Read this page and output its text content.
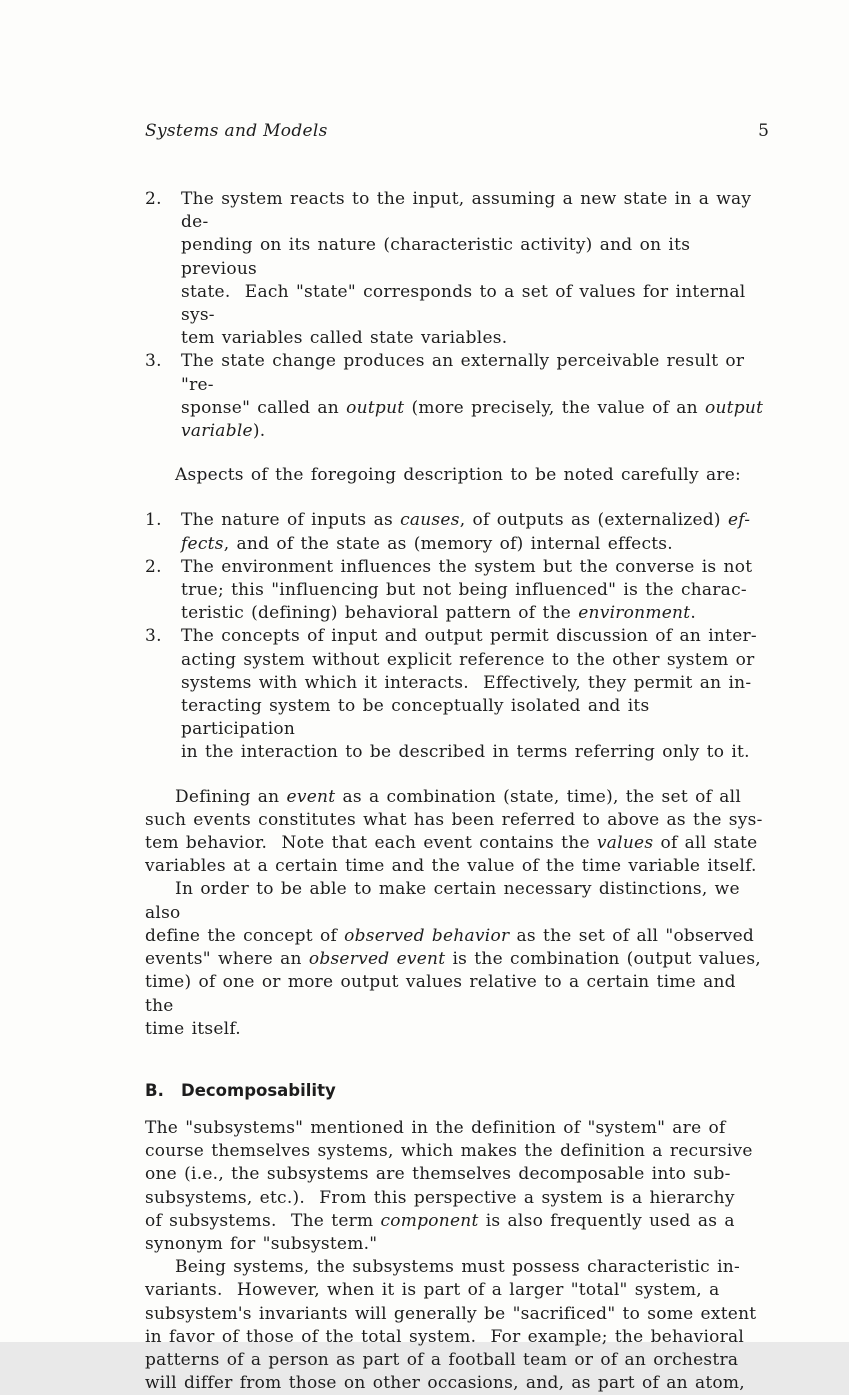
Systems and Models	5
2.	The system reacts to the input, assuming a new state in a way de-
pending on its nature (characteristic activity) and on its previous
state.  Each "state" corresponds to a set of values for internal sys-
tem variables called state variables.
3.	The state change produces an externally perceivable result or "re-
sponse" called an output (more precisely, the value of an output
variable).

Aspects of the foregoing description to be noted carefully are:

1.	The nature of inputs as causes, of outputs as (externalized) ef-
fects, and of the state as (memory of) internal effects.
2.	The environment influences the system but the converse is not
true; this "influencing but not being influenced" is the charac-
teristic (defining) behavioral pattern of the environment.
3.	The concepts of input and output permit discussion of an inter-
acting system without explicit reference to the other system or
systems with which it interacts.  Effectively, they permit an in-
teracting system to be conceptually isolated and its participation
in the interaction to be described in terms referring only to it.

Defining an event as a combination (state, time), the set of all
such events constitutes what has been referred to above as the sys-
tem behavior.  Note that each event contains the values of all state
variables at a certain time and the value of the time variable itself.

In order to be able to make certain necessary distinctions, we also
define the concept of observed behavior as the set of all "observed
events" where an observed event is the combination (output values,
time) of one or more output values relative to a certain time and the
time itself.

B.	Decomposability

The "subsystems" mentioned in the definition of "system" are of
course themselves systems, which makes the definition a recursive
one (i.e., the subsystems are themselves decomposable into sub-
subsystems, etc.).  From this perspective a system is a hierarchy
of subsystems.  The term component is also frequently used as a
synonym for "subsystem."

Being systems, the subsystems must possess characteristic in-
variants.  However, when it is part of a larger "total" system, a
subsystem's invariants will generally be "sacrificed" to some extent
in favor of those of the total system.  For example; the behavioral
patterns of a person as part of a football team or of an orchestra
will differ from those on other occasions, and, as part of an atom,
